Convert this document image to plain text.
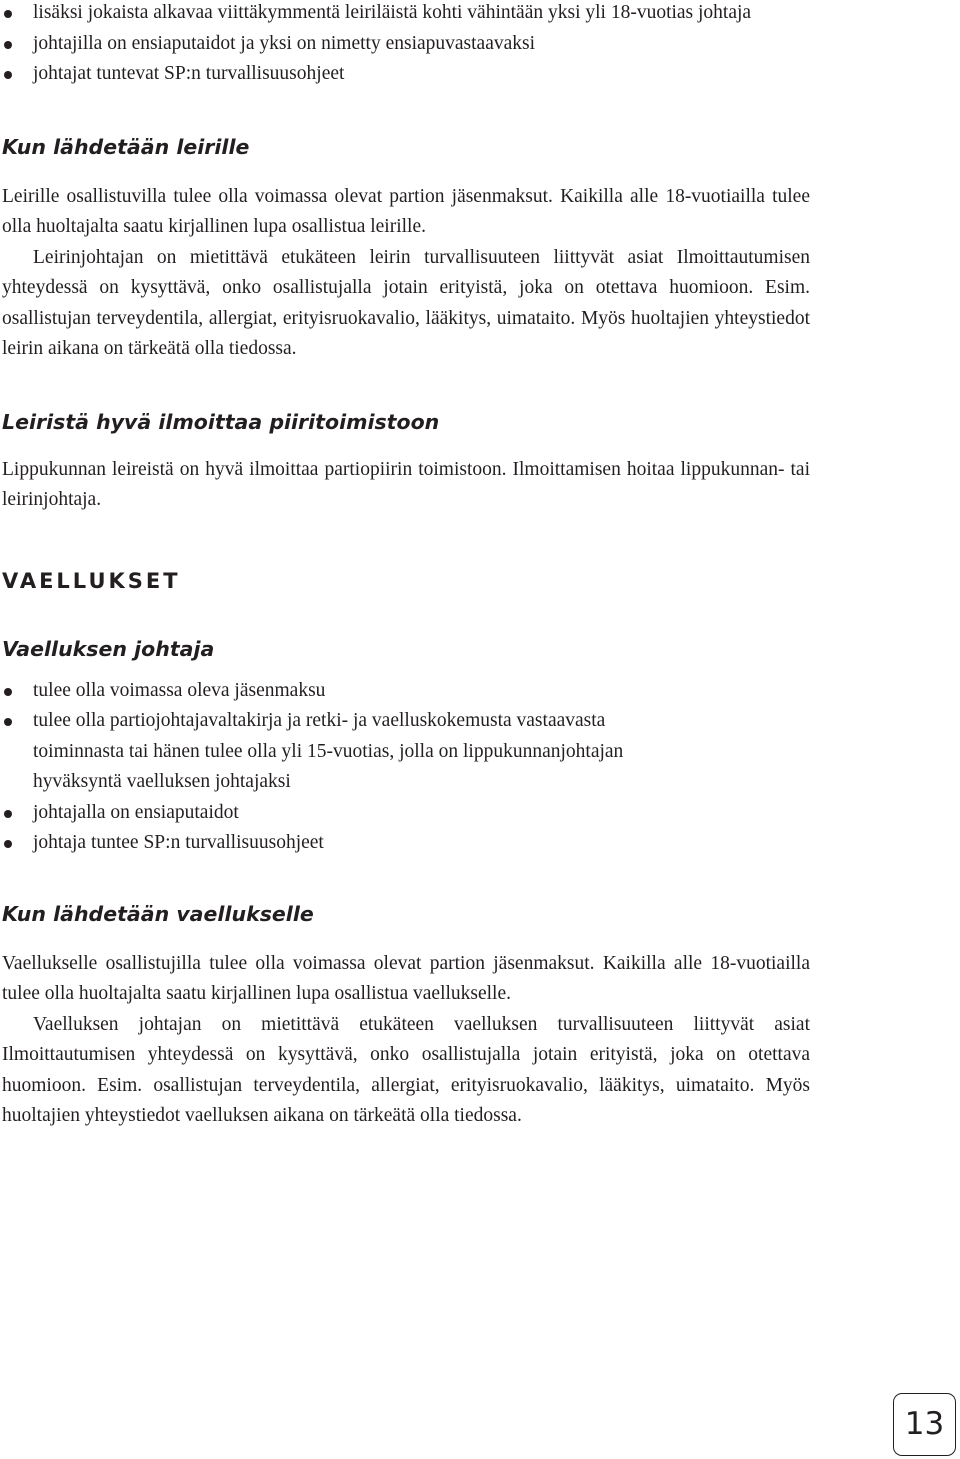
lisäksi jokaista alkavaa viittäkymmentä leiriläistä kohti vähintään yksi yli 18-vuotias johtaja
johtajilla on ensiaputaidot ja yksi on nimetty ensiapuvastaavaksi
johtajat tuntevat SP:n turvallisuusohjeet
Kun lähdetään leirille

Leirille osallistuvilla tulee olla voimassa olevat partion jäsenmaksut. Kaikilla alle 18-vuotiailla tulee olla huoltajalta saatu kirjallinen lupa osallistua leirille.

Leirinjohtajan on mietittävä etukäteen leirin turvallisuuteen liittyvät asiat Ilmoittautumisen yhteydessä on kysyttävä, onko osallistujalla jotain erityistä, joka on otettava huomioon. Esim. osallistujan terveydentila, allergiat, erityisruokavalio, lääkitys, uimataito. Myös huoltajien yhteystiedot leirin aikana on tärkeätä olla tiedossa.

Leiristä hyvä ilmoittaa piiritoimistoon

Lippukunnan leireistä on hyvä ilmoittaa partiopiirin toimistoon. Ilmoittamisen hoitaa lippukunnan- tai leirinjohtaja.

VAELLUKSET
Vaelluksen johtaja
tulee olla voimassa oleva jäsenmaksu
tulee olla partiojohtajavaltakirja ja retki- ja vaelluskokemusta vastaavasta toiminnasta tai hänen tulee olla yli 15-vuotias, jolla on lippukunnanjohtajan hyväksyntä vaelluksen johtajaksi
johtajalla on ensiaputaidot
johtaja tuntee SP:n turvallisuusohjeet
Kun lähdetään vaellukselle

Vaellukselle osallistujilla tulee olla voimassa olevat partion jäsenmaksut. Kaikilla alle 18-vuotiailla tulee olla huoltajalta saatu kirjallinen lupa osallistua vaellukselle.

Vaelluksen johtajan on mietittävä etukäteen vaelluksen turvallisuuteen liittyvät asiat Ilmoittautumisen yhteydessä on kysyttävä, onko osallistujalla jotain erityistä, joka on otettava huomioon. Esim. osallistujan terveydentila, allergiat, erityisruokavalio, lääkitys, uimataito. Myös huoltajien yhteystiedot vaelluksen aikana on tärkeätä olla tiedossa.

13
